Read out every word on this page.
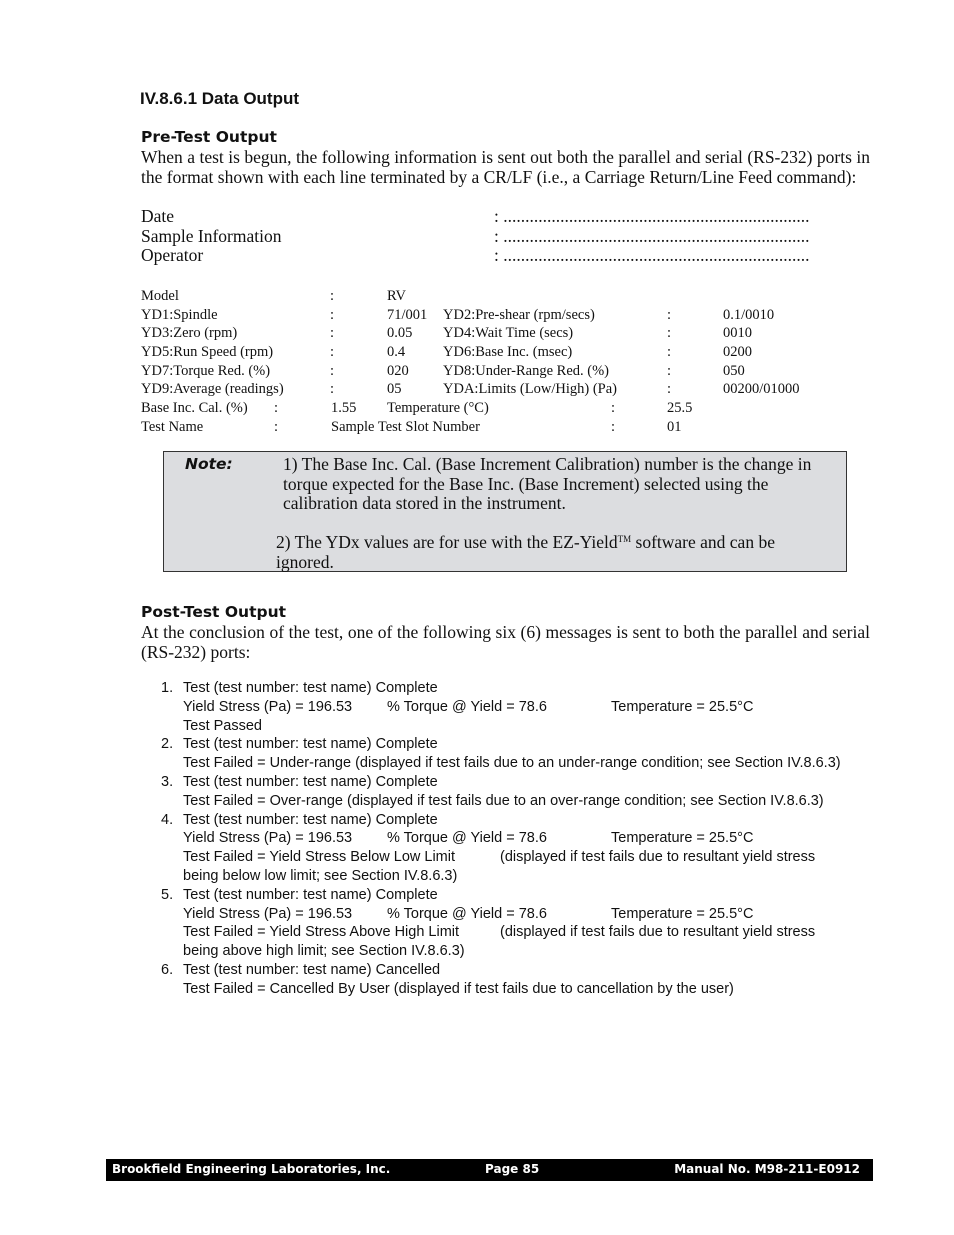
IV.8.6.1 Data Output
Pre-Test Output
When a test is begun, the following information is sent out both the parallel and serial (RS-232) ports in the format shown with each line terminated by a CR/LF (i.e., a Carriage Return/Line Feed command):
Date	: ......................................................................
Sample Information	: ......................................................................
Operator	: ......................................................................
Model	:	RV
YD1:Spindle	:	71/001 YD2:Pre-shear (rpm/secs)	:	0.1/0010
YD3:Zero (rpm)	:	0.05 YD4:Wait Time (secs)	:	0010
YD5:Run Speed (rpm)	:	0.4	YD6:Base Inc. (msec)	:	0200
YD7:Torque Red. (%)	:	020 YD8:Under-Range Red. (%)	:	050
YD9:Average (readings)	:	05	YDA:Limits (Low/High) (Pa)	:	00200/01000
Base Inc. Cal. (%) :	1.55 Temperature (°C)	:	25.5
Test Name	:	Sample Test Slot Number	:	01
Note:	1) The Base Inc. Cal. (Base Increment Calibration) number is the change in torque expected for the Base Inc. (Base Increment) selected using the calibration data stored in the instrument.
2) The YDx values are for use with the EZ-Yield™ software and can be ignored.
Post-Test Output
At the conclusion of the test, one of the following six (6) messages is sent to both the parallel and serial (RS-232) ports:
1. Test (test number: test name) Complete
Yield Stress (Pa) = 196.53 % Torque @ Yield = 78.6	Temperature = 25.5°C
Test Passed
2. Test (test number: test name) Complete
Test Failed = Under-range (displayed if test fails due to an under-range condition; see Section IV.8.6.3)
3. Test (test number: test name) Complete
Test Failed = Over-range (displayed if test fails due to an over-range condition; see Section IV.8.6.3)
4. Test (test number: test name) Complete
Yield Stress (Pa) = 196.53 % Torque @ Yield = 78.6	Temperature = 25.5°C
Test Failed = Yield Stress Below Low Limit	(displayed if test fails due to resultant yield stress
being below low limit; see Section IV.8.6.3)
5. Test (test number: test name) Complete
Yield Stress (Pa) = 196.53 % Torque @ Yield = 78.6	Temperature = 25.5°C
Test Failed = Yield Stress Above High Limit	(displayed if test fails due to resultant yield stress
being above high limit; see Section IV.8.6.3)
6. Test (test number: test name) Cancelled
Test Failed = Cancelled By User (displayed if test fails due to cancellation by the user)
Brookfield Engineering Laboratories, Inc.	Page 85	Manual No. M98-211-E0912
